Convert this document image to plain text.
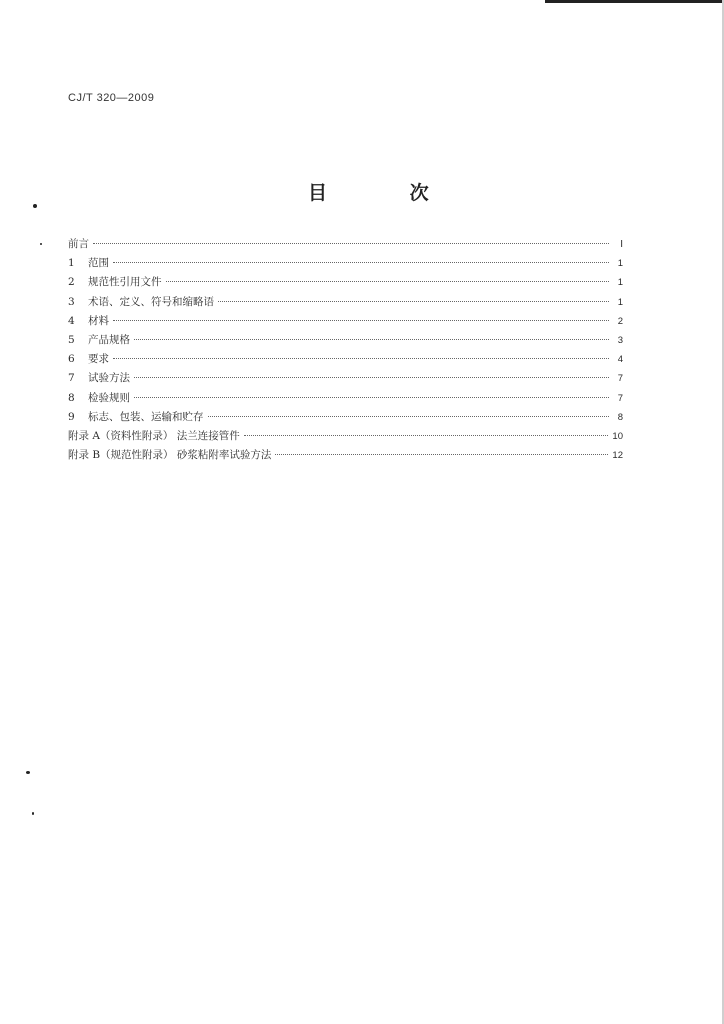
CJ/T 320—2009
目 次
前言	Ⅰ
1	范围	1
2	规范性引用文件	1
3	术语、定义、符号和缩略语	1
4	材料	2
5	产品规格	3
6	要求	4
7	试验方法	7
8	检验规则	7
9	标志、包装、运输和贮存	8
附录 A（资料性附录） 法兰连接管件	10
附录 B（规范性附录） 砂浆粘附率试验方法	12
